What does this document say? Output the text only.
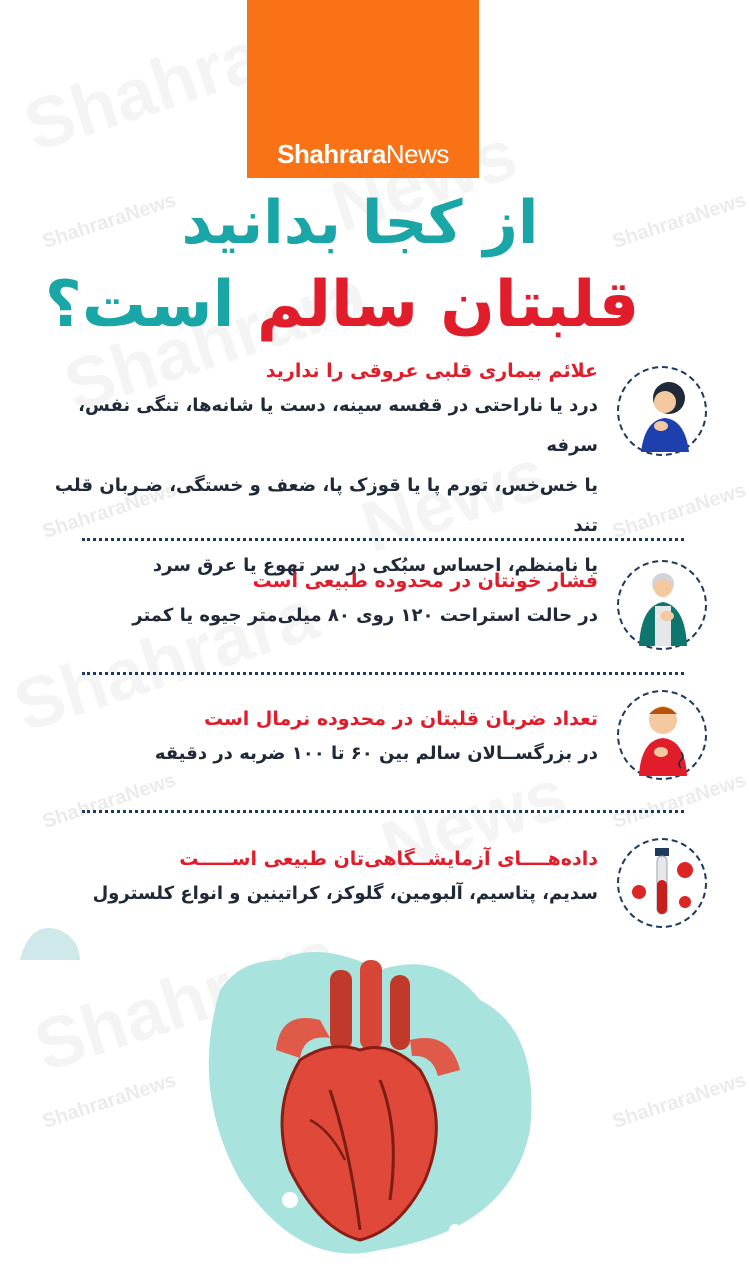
ShahraraNews	ShahraraNews
ShahraraNews	ShahraraNews
ShahraraNews	ShahraraNews
ShahraraNews	ShahraraNews
ShahraraNews
از کجا بدانید
قلبتان سالم است؟
علائم بیماری قلبی عروقی را ندارید
درد یا ناراحتی در قفسه سینه، دست یا شانه‌ها، تنگی نفس، سرفه
یا خس‌خس، تورم پا یا قوزک پا، ضعف و خستگی، ضـربان قلب تند
یا نامنظم، احساس سبُکی در سر تهوع یا عرق سرد
فشار خونتان در محدوده طبیعی است
در حالت استراحت ۱۲۰ روی ۸۰ میلی‌متر جیوه یا کمتر
تعداد ضربان قلبتان در محدوده نرمال است
در بزرگســالان سالم بین ۶۰ تا ۱۰۰ ضربه در دقیقه
داده‌هــــای آزمایشــگاهی‌تان طبیعی اســـــت
سدیم، پتاسیم، آلبومین، گلوکز، کراتینین و انواع کلسترول
